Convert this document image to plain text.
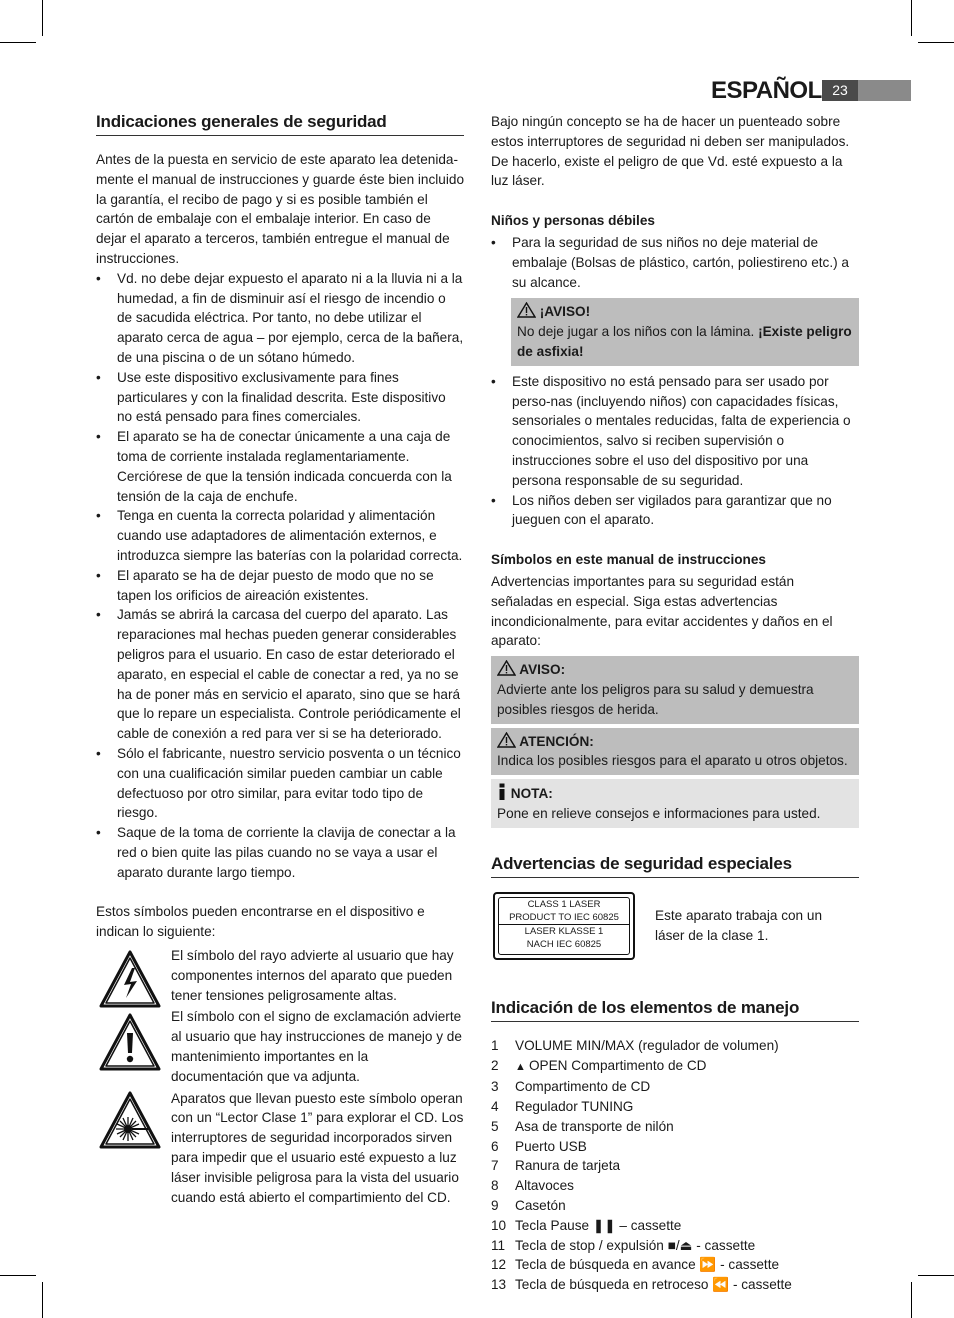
ESPAÑOL 23
Indicaciones generales de seguridad

Antes de la puesta en servicio de este aparato lea detenida-mente el manual de instrucciones y guarde éste bien incluido la garantía, el recibo de pago y si es posible también el cartón de embalaje con el embalaje interior. En caso de dejar el aparato a terceros, también entregue el manual de instrucciones.

• Vd. no debe dejar expuesto el aparato ni a la lluvia ni a la humedad, a fin de disminuir así el riesgo de incendio o de sacudida eléctrica. Por tanto, no debe utilizar el aparato cerca de agua – por ejemplo, cerca de la bañera, de una piscina o de un sótano húmedo.
• Use este dispositivo exclusivamente para fines particulares y con la finalidad descrita. Este dispositivo no está pensado para fines comerciales.
• El aparato se ha de conectar únicamente a una caja de toma de corriente instalada reglamentariamente. Cerciórese de que la tensión indicada concuerda con la tensión de la caja de enchufe.
• Tenga en cuenta la correcta polaridad y alimentación cuando use adaptadores de alimentación externos, e introduzca siempre las baterías con la polaridad correcta.
• El aparato se ha de dejar puesto de modo que no se tapen los orificios de aireación existentes.
• Jamás se abrirá la carcasa del cuerpo del aparato. Las reparaciones mal hechas pueden generar considerables peligros para el usuario. En caso de estar deteriorado el aparato, en especial el cable de conectar a red, ya no se ha de poner más en servicio el aparato, sino que se hará que lo repare un especialista. Controle periódicamente el cable de conexión a red para ver si se ha deteriorado.
• Sólo el fabricante, nuestro servicio posventa o un técnico con una cualificación similar pueden cambiar un cable defectuoso por otro similar, para evitar todo tipo de riesgo.
• Saque de la toma de corriente la clavija de conectar a la red o bien quite las pilas cuando no se vaya a usar el aparato durante largo tiempo.

Estos símbolos pueden encontrarse en el dispositivo e indican lo siguiente:

El símbolo del rayo advierte al usuario que hay componentes internos del aparato que pueden tener tensiones peligrosamente altas.

El símbolo con el signo de exclamación advierte al usuario que hay instrucciones de manejo y de mantenimiento importantes en la documentación que va adjunta.

Aparatos que llevan puesto este símbolo operan con un “Lector Clase 1” para explorar el CD. Los interruptores de seguridad incorporados sirven para impedir que el usuario esté expuesto a luz láser invisible peligrosa para la vista del usuario cuando está abierto el compartimiento del CD.

Bajo ningún concepto se ha de hacer un puenteado sobre estos interruptores de seguridad ni deben ser manipulados. De hacerlo, existe el peligro de que Vd. esté expuesto a la luz láser.

Niños y personas débiles
• Para la seguridad de sus niños no deje material de embalaje (Bolsas de plástico, cartón, poliestireno etc.) a su alcance.
¡AVISO!
No deje jugar a los niños con la lámina. ¡Existe peligro de asfixia!
• Este dispositivo no está pensado para ser usado por perso-nas (incluyendo niños) con capacidades físicas, sensoriales o mentales reducidas, falta de experiencia o conocimientos, salvo si reciben supervisión o instrucciones sobre el uso del dispositivo por una persona responsable de su seguridad.
• Los niños deben ser vigilados para garantizar que no jueguen con el aparato.
Símbolos en este manual de instrucciones

Advertencias importantes para su seguridad están señaladas en especial. Siga estas advertencias incondicionalmente, para evitar accidentes y daños en el aparato:

AVISO:
Advierte ante los peligros para su salud y demuestra posibles riesgos de herida.
ATENCIÓN:
Indica los posibles riesgos para el aparato u otros objetos.
NOTA:
Pone en relieve consejos e informaciones para usted.
Advertencias de seguridad especiales
CLASS 1 LASER
PRODUCT TO IEC 60825
LASER KLASSE 1
NACH IEC 60825

Este aparato trabaja con un láser de la clase 1.

Indicación de los elementos de manejo
1	VOLUME MIN/MAX (regulador de volumen)
2	▲ OPEN Compartimento de CD
3	Compartimento de CD
4	Regulador TUNING
5	Asa de transporte de nilón
6	Puerto USB
7	Ranura de tarjeta
8	Altavoces
9	Casetón
10 Tecla Pause ❚❚ – cassette
11 Tecla de stop / expulsión ■/⏏ - cassette
12 Tecla de búsqueda en avance ⏩ - cassette
13 Tecla de búsqueda en retroceso ⏪ - cassette
